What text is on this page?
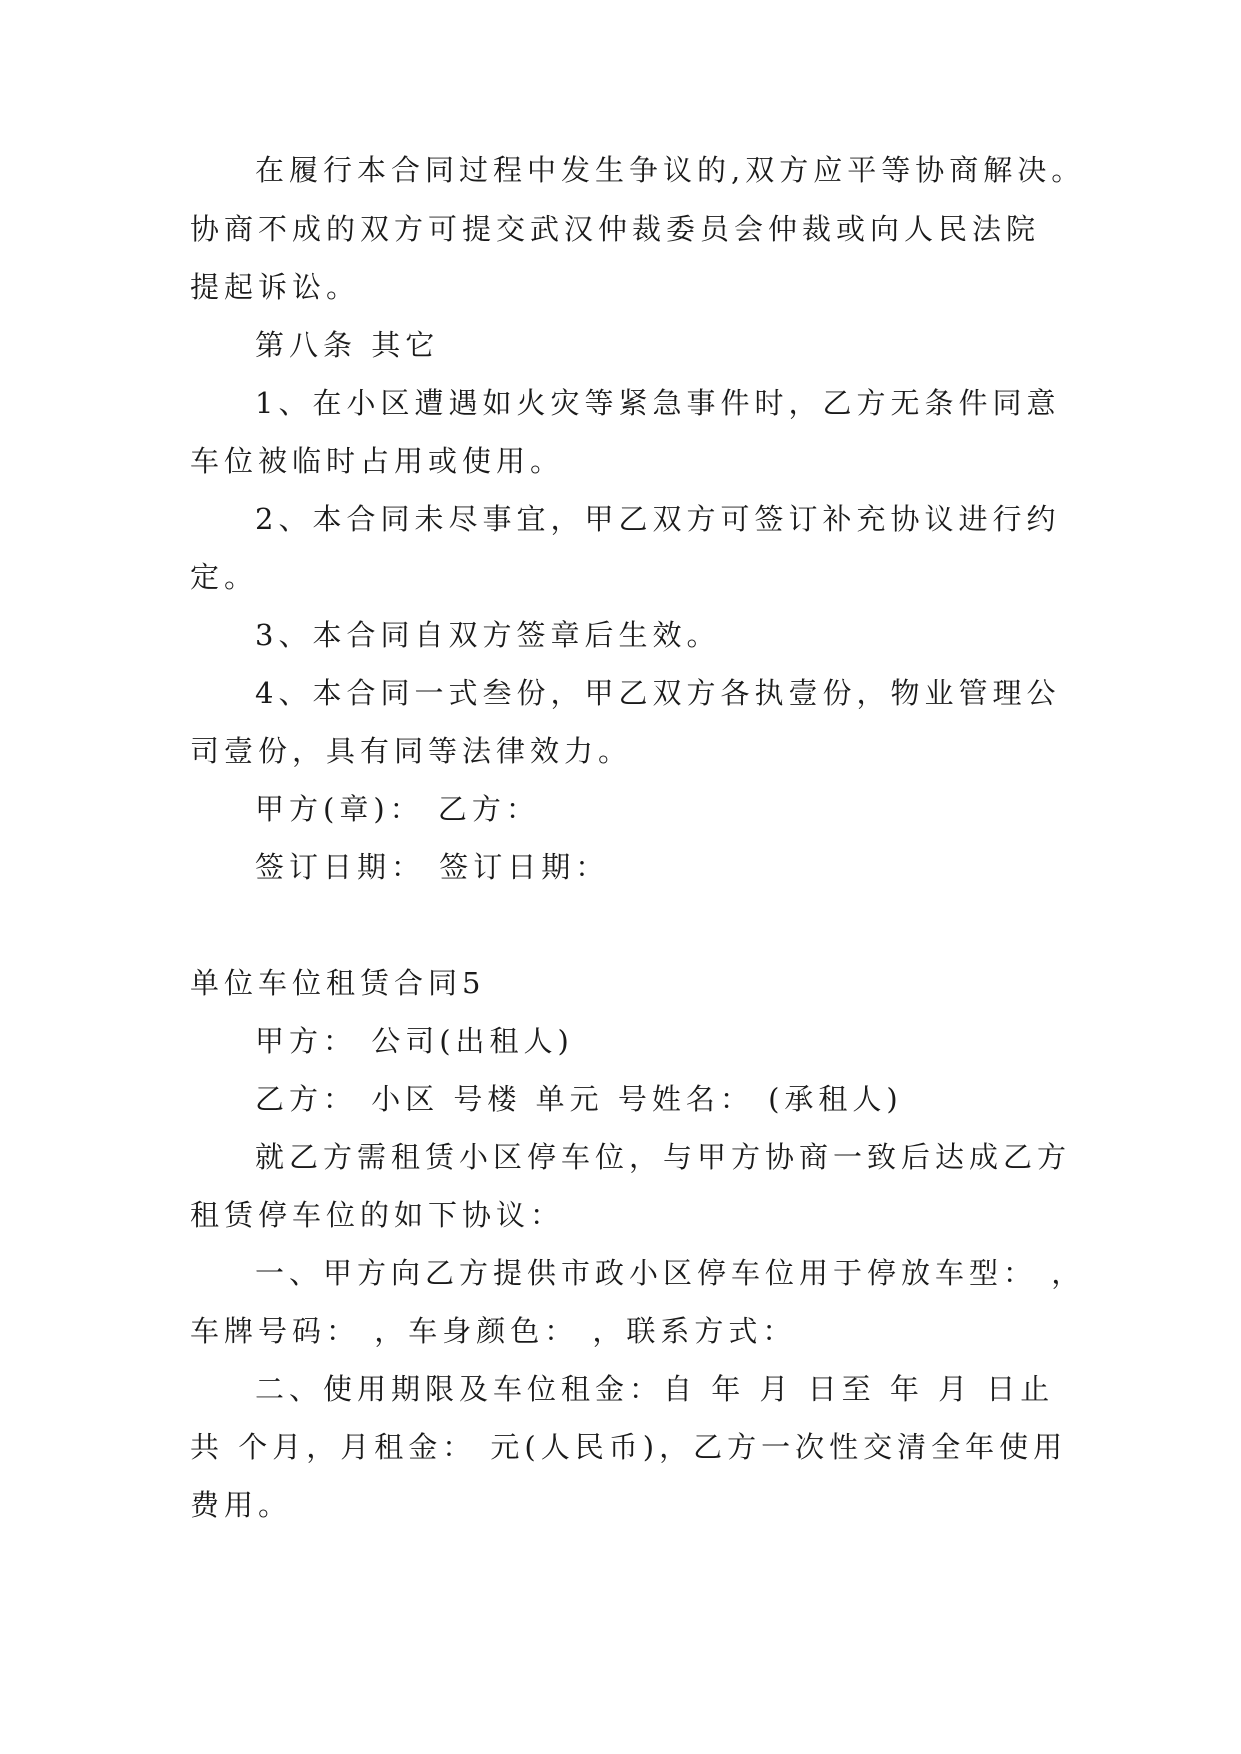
在履行本合同过程中发生争议的,双方应平等协商解决。
协商不成的双方可提交武汉仲裁委员会仲裁或向人民法院
提起诉讼。
第八条 其它
1、在小区遭遇如火灾等紧急事件时，乙方无条件同意
车位被临时占用或使用。
2、本合同未尽事宜，甲乙双方可签订补充协议进行约
定。
3、本合同自双方签章后生效。
4、本合同一式叁份，甲乙双方各执壹份，物业管理公
司壹份，具有同等法律效力。
甲方(章)： 乙方：
签订日期： 签订日期：
单位车位租赁合同5
甲方： 公司(出租人)
乙方： 小区 号楼 单元 号姓名： (承租人)
就乙方需租赁小区停车位，与甲方协商一致后达成乙方
租赁停车位的如下协议：
一、甲方向乙方提供市政小区停车位用于停放车型： ，
车牌号码： ，车身颜色： ，联系方式：
二、使用期限及车位租金：自 年 月 日至 年 月 日止
共 个月，月租金： 元(人民币)，乙方一次性交清全年使用
费用。
